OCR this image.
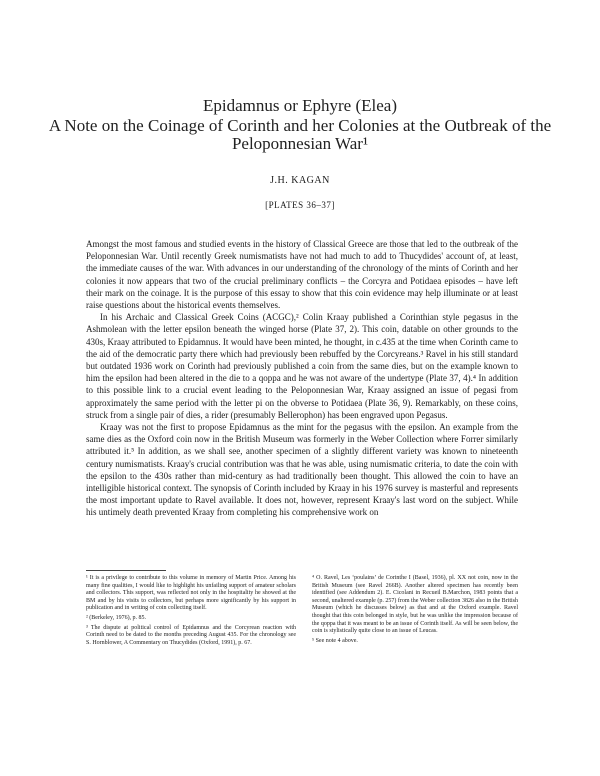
Epidamnus or Ephyre (Elea)
A Note on the Coinage of Corinth and her Colonies at the Outbreak of the Peloponnesian War¹
J.H. KAGAN
[PLATES 36–37]

Amongst the most famous and studied events in the history of Classical Greece are those that led to the outbreak of the Peloponnesian War. Until recently Greek numismatists have not had much to add to Thucydides' account of, at least, the immediate causes of the war. With advances in our understanding of the chronology of the mints of Corinth and her colonies it now appears that two of the crucial preliminary conflicts – the Corcyra and Potidaea episodes – have left their mark on the coinage. It is the purpose of this essay to show that this coin evidence may help illuminate or at least raise questions about the historical events themselves.

In his Archaic and Classical Greek Coins (ACGC),² Colin Kraay published a Corinthian style pegasus in the Ashmolean with the letter epsilon beneath the winged horse (Plate 37, 2). This coin, datable on other grounds to the 430s, Kraay attributed to Epidamnus. It would have been minted, he thought, in c.435 at the time when Corinth came to the aid of the democratic party there which had previously been rebuffed by the Corcyreans.³ Ravel in his still standard but outdated 1936 work on Corinth had previously published a coin from the same dies, but on the example known to him the epsilon had been altered in the die to a qoppa and he was not aware of the undertype (Plate 37, 4).⁴ In addition to this possible link to a crucial event leading to the Peloponnesian War, Kraay assigned an issue of pegasi from approximately the same period with the letter pi on the obverse to Potidaea (Plate 36, 9). Remarkably, on these coins, struck from a single pair of dies, a rider (presumably Bellerophon) has been engraved upon Pegasus.

Kraay was not the first to propose Epidamnus as the mint for the pegasus with the epsilon. An example from the same dies as the Oxford coin now in the British Museum was formerly in the Weber Collection where Forrer similarly attributed it.⁵ In addition, as we shall see, another specimen of a slightly different variety was known to nineteenth century numismatists. Kraay's crucial contribution was that he was able, using numismatic criteria, to date the coin with the epsilon to the 430s rather than mid-century as had traditionally been thought. This allowed the coin to have an intelligible historical context. The synopsis of Corinth included by Kraay in his 1976 survey is masterful and represents the most important update to Ravel available. It does not, however, represent Kraay's last word on the subject. While his untimely death prevented Kraay from completing his comprehensive work on

¹ It is a privilege to contribute to this volume in memory of Martin Price. Among his many fine qualities, I would like to highlight his unfailing support of amateur scholars and collectors. This support, was reflected not only in the hospitality he showed at the BM and by his visits to collectors, but perhaps more significantly by his support in publication and in writing of coin collecting itself.

² (Berkeley, 1976), p. 85.

³ The dispute at political control of Epidamnus and the Corcyrean reaction with Corinth need to be dated to the months preceding August 435. For the chronology see S. Hornblower, A Commentary on Thucydides (Oxford, 1991), p. 67.

⁴ O. Ravel, Les ‘poulains’ de Corinthe I (Basel, 1936), pl. XX not coin, now in the British Museum (see Ravel 266B). Another altered specimen has recently been identified (see Addendum 2). E. Cicolani in Recueil B.Marchon, 1983 points that a second, unaltered example (p. 257) from the Weber collection 3826 also in the British Museum (which he discusses below) as that and at the Oxford example. Ravel thought that this coin belonged in style, but he was unlike the impression because of the qoppa that it was meant to be an issue of Corinth itself. As will be seen below, the coin is stylistically quite close to an issue of Leucas.

⁵ See note 4 above.
